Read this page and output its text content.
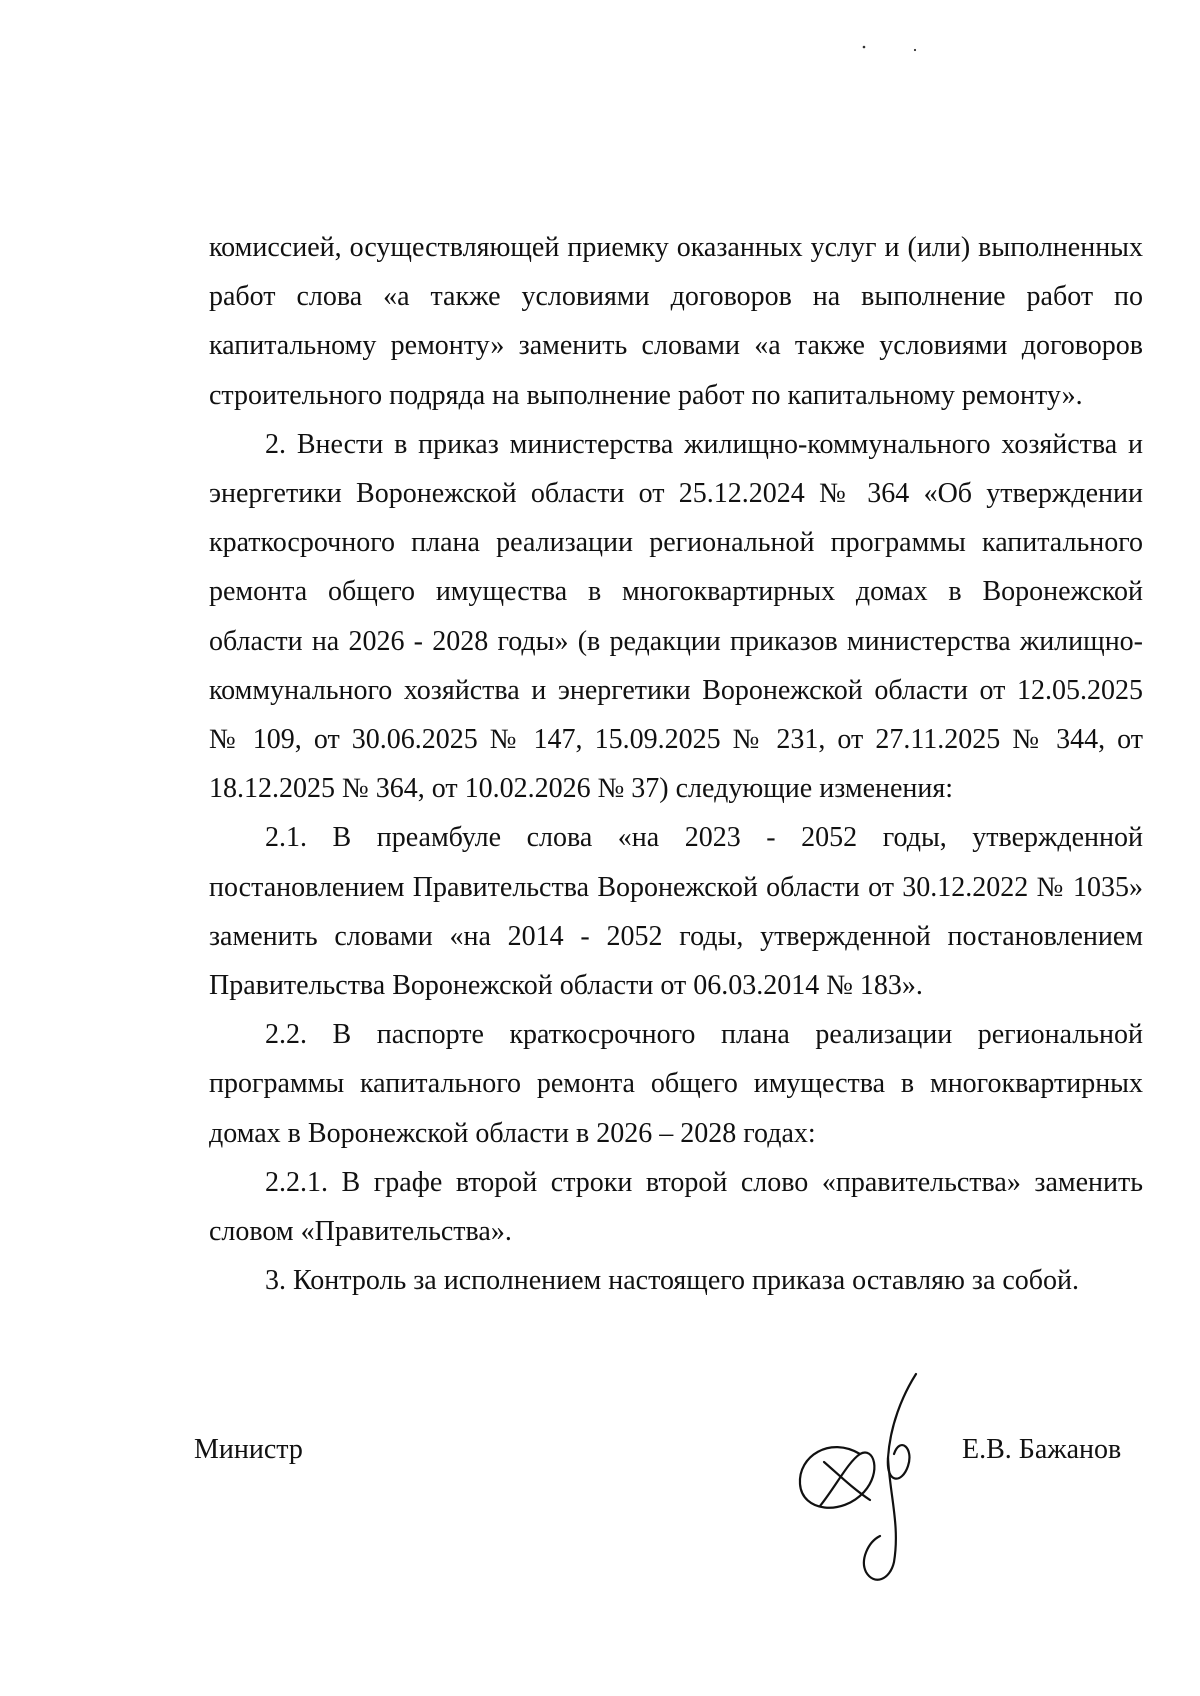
комиссией, осуществляющей приемку оказанных услуг и (или) выполненных работ слова «а также условиями договоров на выполнение работ по капитальному ремонту» заменить словами «а также условиями договоров строительного подряда на выполнение работ по капитальному ремонту».

2. Внести в приказ министерства жилищно-коммунального хозяйства и энергетики Воронежской области от 25.12.2024 № 364 «Об утверждении краткосрочного плана реализации региональной программы капитального ремонта общего имущества в многоквартирных домах в Воронежской области на 2026 - 2028 годы» (в редакции приказов министерства жилищно-коммунального хозяйства и энергетики Воронежской области от 12.05.2025 № 109, от 30.06.2025 № 147, 15.09.2025 № 231, от 27.11.2025 № 344, от 18.12.2025 № 364, от 10.02.2026 № 37) следующие изменения:

2.1. В преамбуле слова «на 2023 - 2052 годы, утвержденной постановлением Правительства Воронежской области от 30.12.2022 № 1035» заменить словами «на 2014 - 2052 годы, утвержденной постановлением Правительства Воронежской области от 06.03.2014 № 183».

2.2. В паспорте краткосрочного плана реализации региональной программы капитального ремонта общего имущества в многоквартирных домах в Воронежской области в 2026 – 2028 годах:

2.2.1. В графе второй строки второй слово «правительства» заменить словом «Правительства».

3. Контроль за исполнением настоящего приказа оставляю за собой.

Министр	Е.В. Бажанов
